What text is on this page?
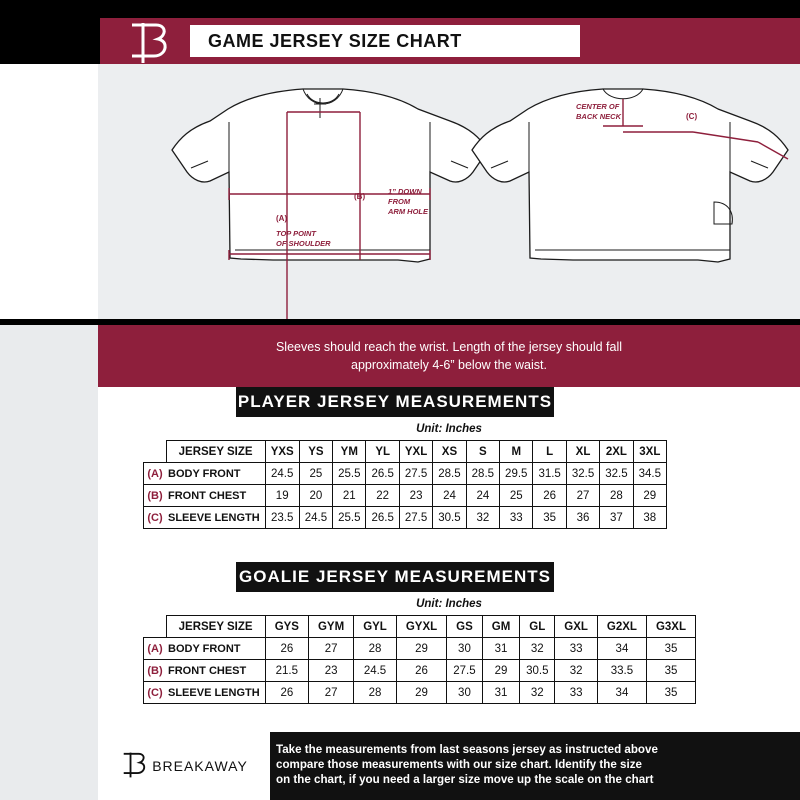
GAME JERSEY SIZE CHART
(A)
TOP POINT
OF SHOULDER
(B)
1” DOWN
FROM
ARM HOLE
CENTER OF
BACK NECK	(C)
Sleeves should reach the wrist. Length of the jersey should fall
approximately 4-6” below the waist.
PLAYER JERSEY MEASUREMENTS
Unit: Inches
	JERSEY SIZE	YXS	YS	YM	YL	YXL	XS	S	M	L	XL	2XL	3XL
(A)	BODY FRONT	24.5	25	25.5	26.5	27.5	28.5	28.5	29.5	31.5	32.5	32.5	34.5
(B)	FRONT CHEST	19	20	21	22	23	24	24	25	26	27	28	29
(C)	SLEEVE LENGTH	23.5	24.5	25.5	26.5	27.5	30.5	32	33	35	36	37	38
GOALIE JERSEY MEASUREMENTS
Unit: Inches
	JERSEY SIZE	GYS	GYM	GYL	GYXL	GS	GM	GL	GXL	G2XL	G3XL
(A)	BODY FRONT	26	27	28	29	30	31	32	33	34	35
(B)	FRONT CHEST	21.5	23	24.5	26	27.5	29	30.5	32	33.5	35
(C)	SLEEVE LENGTH	26	27	28	29	30	31	32	33	34	35
BREAKAWAY
Take the measurements from last seasons jersey as instructed above
compare those measurements with our size chart. Identify the size
on the chart, if you need a larger size move up the scale on the chart
